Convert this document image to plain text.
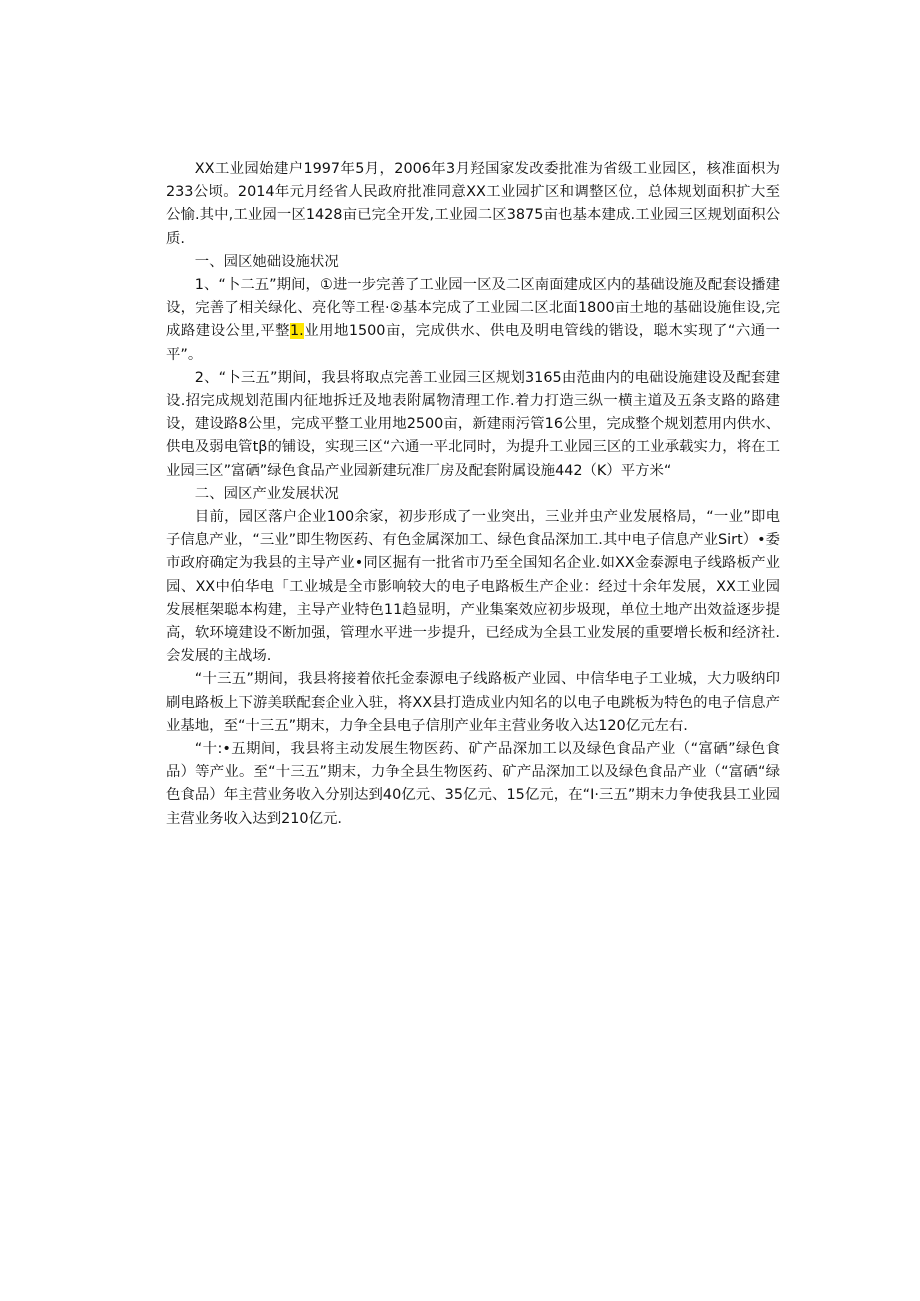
XX工业园始建户1997年5月，2006年3月羟国家发改委批准为省级工业园区，核准面枳为233公顷。2014年元月经省人民政府批准同意XX工业园扩区和调整区位，总体规划面积扩大至公愉.其中,工业园一区1428亩已完全开发,工业园二区3875亩也基本建成.工业园三区规划面积公质.

一、园区她础设施状况

1、“卜二五”期间，①进一步完善了工业园一区及二区南面建成区内的基础设施及配套设播建设，完善了相关绿化、亮化等工程·②基本完成了工业园二区北面1800亩土地的基础设施隹设,完成路建设公里,平整1.业用地1500亩，完成供水、供电及明电管线的锴设，聪木实现了“六通一平”。

2、“卜三五”期间，我县将取点完善工业园三区规划3165由范曲内的电础设施建设及配套建设.招完成规划范围内征地拆迁及地表附属物清理工作.着力打造三纵一横主道及五条支路的路建设，建设路8公里，完成平整工业用地2500亩，新建雨污管16公里，完成整个规划惹用内供水、供电及弱电管tβ的铺设，实现三区“六通一平北同时，为提升工业园三区的工业承载实力，将在工业园三区”富硒”绿色食品产业园新建玩准厂房及配套附属设施442（K）平方米“

二、园区产业发展状况

目前，园区落户企业100余家，初步形成了一业突出，三业并虫产业发展格局，“一业”即电子信息产业，“三业”即生物医药、有色金属深加工、绿色食品深加工.其中电子信息产业Sirt）•委市政府确定为我县的主导产业•同区掘有一批省市乃至全国知名企业.如XX金泰源电子线路板产业园、XX中伯华电「工业城是全市影响较大的电子电路板生产企业：经过十余年发展，XX工业园发展框架聪本构建，主导产业特色11趋显明，产业集案效应初步圾现，单位土地产出效益逐步提高，软环境建设不断加强，管理水平进一步提升，已经成为全县工业发展的重要增长板和经济社.会发展的主战场.

“十三五”期间，我县将接着依托金泰源电子线路板产业园、中信华电子工业城，大力吸纳印刷电路板上下游美联配套企业入驻，将XX县打造成业内知名的以电子电跳板为特色的电子信息产业基地，至“十三五”期末，力争全县电子信刖产业年主营业务收入达120亿元左右.

“十:•五期间，我县将主动发展生物医药、矿产品深加工以及绿色食品产业（“富硒”绿色食品）等产业。至“十三五”期末，力争全县生物医药、矿产品深加工以及绿色食品产业（“富硒“绿色食品）年主营业务收入分别达到40亿元、35亿元、15亿元，在“I·三五”期末力争使我县工业园主营业务收入达到210亿元.
